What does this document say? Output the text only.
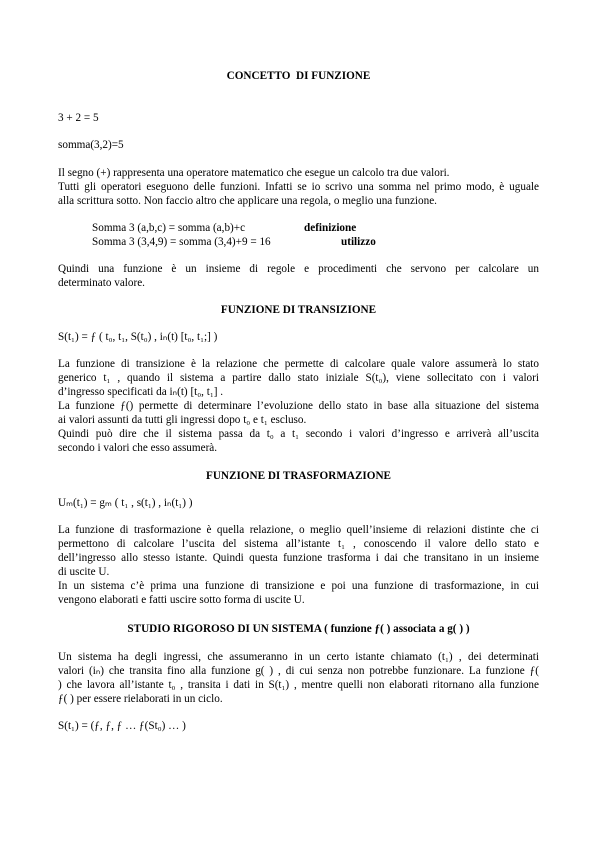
CONCETTO  DI FUNZIONE
3 + 2 = 5
somma(3,2)=5
Il segno (+) rappresenta una operatore matematico che esegue un calcolo tra due valori.
Tutti gli operatori eseguono delle funzioni. Infatti se io scrivo una somma nel primo modo, è uguale
alla scrittura sotto. Non faccio altro che applicare una regola, o meglio una funzione.
Somma 3 (a,b,c) = somma (a,b)+c	definizione
Somma 3 (3,4,9) = somma (3,4)+9 = 16	utilizzo
Quindi una funzione è un insieme di regole e procedimenti che servono per calcolare un
determinato valore.
FUNZIONE DI TRANSIZIONE
S(t₁) = ƒ ( t₀, t₁, S(t₀) , iₙ(t) [t₀, t₁;] )
La funzione di transizione è la relazione che permette di calcolare quale valore assumerà lo stato
generico t₁ , quando il sistema a partire dallo stato iniziale S(t₀), viene sollecitato con i valori
d’ingresso specificati da iₙ(t) [t₀, t₁] .
La funzione ƒ() permette di determinare l’evoluzione dello stato in base alla situazione del sistema
ai valori assunti da tutti gli ingressi dopo t₀ e t₁ escluso.
Quindi può dire che il sistema passa da t₀ a t₁ secondo i valori d’ingresso e arriverà all’uscita
secondo i valori che esso assumerà.
FUNZIONE DI TRASFORMAZIONE
Uₘ(t₁) = gₘ ( t₁ , s(t₁) , iₙ(t₁) )
La funzione di trasformazione è quella relazione, o meglio quell’insieme di relazioni distinte che ci
permettono di calcolare l’uscita del sistema all’istante t₁ , conoscendo il valore dello stato e
dell’ingresso allo stesso istante. Quindi questa funzione trasforma i dai che transitano in un insieme
di uscite U.
In un sistema c’è prima una funzione di transizione e poi una funzione di trasformazione, in cui
vengono elaborati e fatti uscire sotto forma di uscite U.
STUDIO RIGOROSO DI UN SISTEMA ( funzione ƒ( ) associata a g( ) )
Un sistema ha degli ingressi, che assumeranno in un certo istante chiamato (t₁) , dei determinati
valori (iₙ) che transita fino alla funzione g( ) , di cui senza non potrebbe funzionare. La funzione ƒ(
) che lavora all’istante t₀ , transita i dati in S(t₁) , mentre quelli non elaborati ritornano alla funzione
ƒ( ) per essere rielaborati in un ciclo.
S(t₁) = (ƒ, ƒ, ƒ … ƒ(St₀) … )
